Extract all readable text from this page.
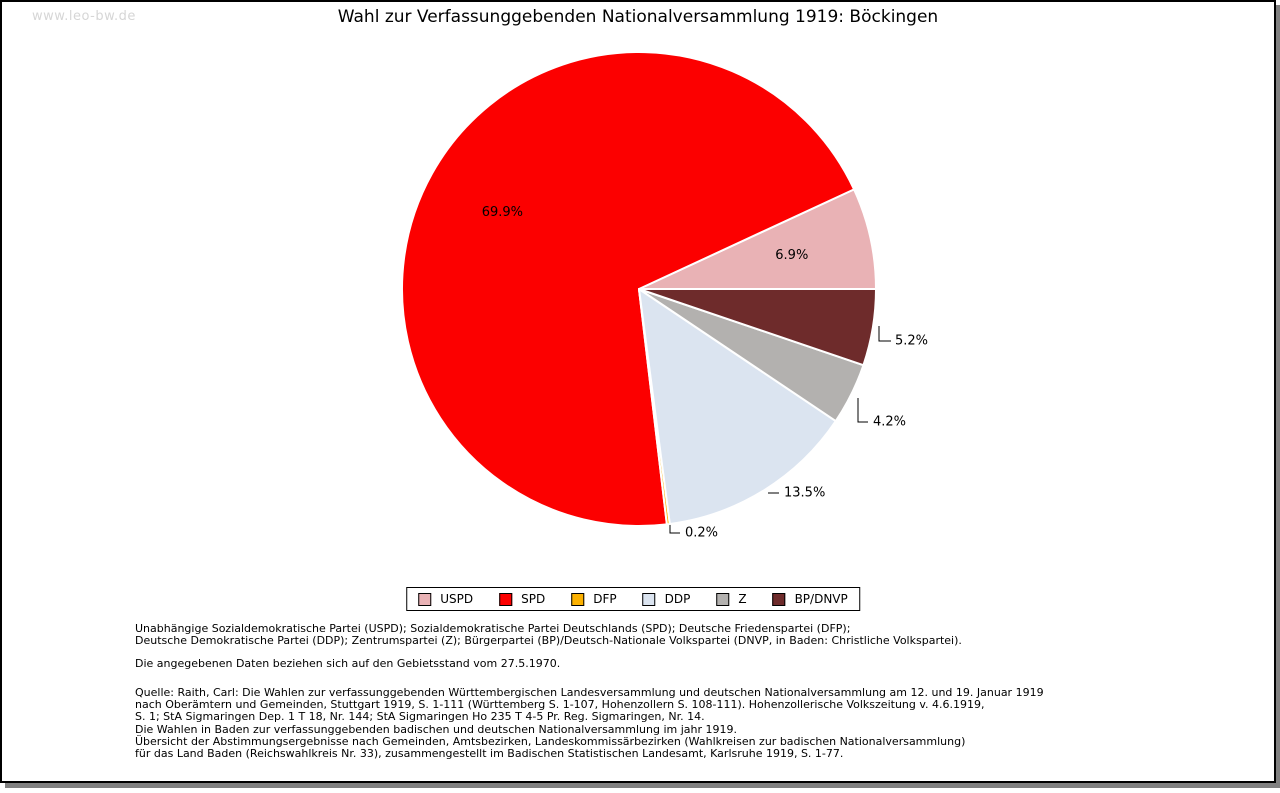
www.leo-bw.de	Wahl zur Verfassunggebenden Nationalversammlung 1919: Böckingen
6.9%
69.9%
0.2%
13.5%
4.2%
5.2%
USPD	SPD	DFP	DDP	Z	BP/DNVP
Unabhängige Sozialdemokratische Partei (USPD); Sozialdemokratische Partei Deutschlands (SPD); Deutsche Friedenspartei (DFP);
Deutsche Demokratische Partei (DDP); Zentrumspartei (Z); Bürgerpartei (BP)/Deutsch-Nationale Volkspartei (DNVP, in Baden: Christliche Volkspartei).
Die angegebenen Daten beziehen sich auf den Gebietsstand vom 27.5.1970.
Quelle: Raith, Carl: Die Wahlen zur verfassunggebenden Württembergischen Landesversammlung und deutschen Nationalversammlung am 12. und 19. Januar 1919
nach Oberämtern und Gemeinden, Stuttgart 1919, S. 1-111 (Württemberg S. 1-107, Hohenzollern S. 108-111). Hohenzollerische Volkszeitung v. 4.6.1919,
S. 1; StA Sigmaringen Dep. 1 T 18, Nr. 144; StA Sigmaringen Ho 235 T 4-5 Pr. Reg. Sigmaringen, Nr. 14.
Die Wahlen in Baden zur verfassunggebenden badischen und deutschen Nationalversammlung im jahr 1919.
Übersicht der Abstimmungsergebnisse nach Gemeinden, Amtsbezirken, Landeskommissärbezirken (Wahlkreisen zur badischen Nationalversammlung)
für das Land Baden (Reichswahlkreis Nr. 33), zusammengestellt im Badischen Statistischen Landesamt, Karlsruhe 1919, S. 1-77.
